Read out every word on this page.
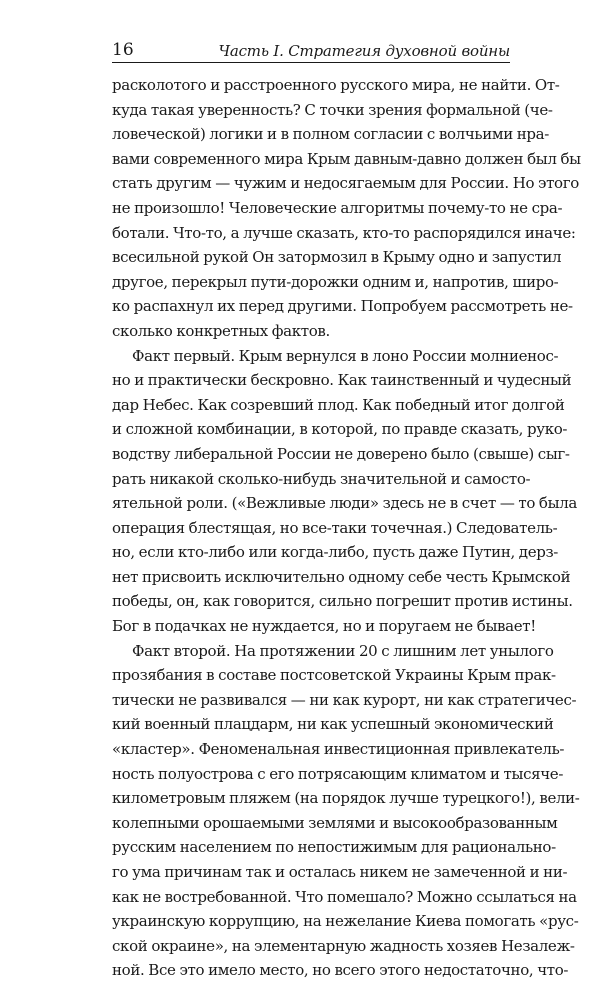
16	Часть I. Стратегия духовной войны
расколотого и расстроенного русского мира, не найти. От-
куда такая уверенность? С точки зрения формальной (че-
ловеческой) логики и в полном согласии с волчьими нра-
вами современного мира Крым давным-давно должен был бы
стать другим — чужим и недосягаемым для России. Но этого
не произошло! Человеческие алгоритмы почему-то не сра-
ботали. Что-то, а лучше сказать, кто-то распорядился иначе:
всесильной рукой Он затормозил в Крыму одно и запустил
другое, перекрыл пути-дорожки одним и, напротив, широ-
ко распахнул их перед другими. Попробуем рассмотреть не-
сколько конкретных фактов.
Факт первый. Крым вернулся в лоно России молниенос-
но и практически бескровно. Как таинственный и чудесный
дар Небес. Как созревший плод. Как победный итог долгой
и сложной комбинации, в которой, по правде сказать, руко-
водству либеральной России не доверено было (свыше) сыг-
рать никакой сколько-нибудь значительной и самосто-
ятельной роли. («Вежливые люди» здесь не в счет — то была
операция блестящая, но все-таки точечная.) Следователь-
но, если кто-либо или когда-либо, пусть даже Путин, дерз-
нет присвоить исключительно одному себе честь Крымской
победы, он, как говорится, сильно погрешит против истины.
Бог в подачках не нуждается, но и поругаем не бывает!
Факт второй. На протяжении 20 с лишним лет унылого
прозябания в составе постсоветской Украины Крым прак-
тически не развивался — ни как курорт, ни как стратегичес-
кий военный плацдарм, ни как успешный экономический
«кластер». Феноменальная инвестиционная привлекатель-
ность полуострова с его потрясающим климатом и тысяче-
километровым пляжем (на порядок лучше турецкого!), вели-
колепными орошаемыми землями и высокообразованным
русским населением по непостижимым для рационально-
го ума причинам так и осталась никем не замеченной и ни-
как не востребованной. Что помешало? Можно ссылаться на
украинскую коррупцию, на нежелание Киева помогать «рус-
ской окраине», на элементарную жадность хозяев Незалеж-
ной. Все это имело место, но всего этого недостаточно, что-
